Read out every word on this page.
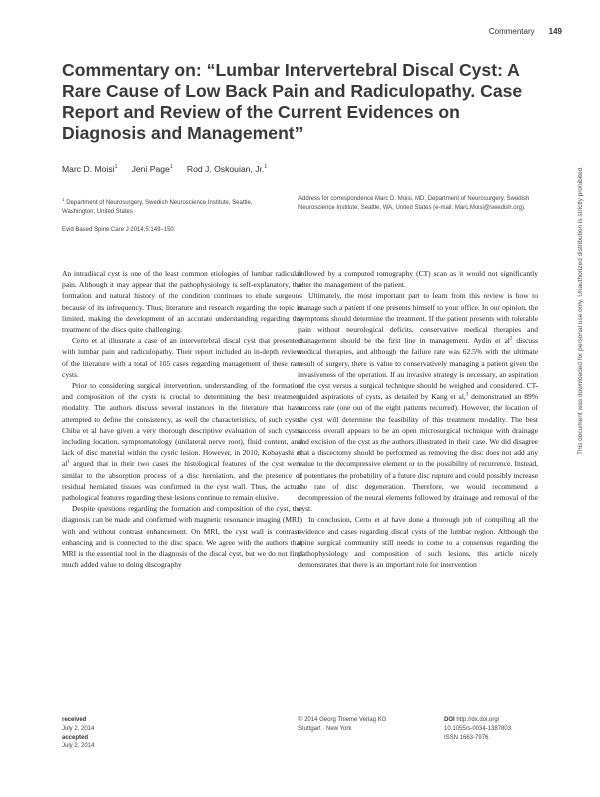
Commentary 149
Commentary on: “Lumbar Intervertebral Discal Cyst: A Rare Cause of Low Back Pain and Radiculopathy. Case Report and Review of the Current Evidences on Diagnosis and Management”
Marc D. Moisi$^1$ Jeni Page$^1$ Rod J. Oskouian, Jr.$^1$
$^1$ Department of Neurosurgery, Swedish Neuroscience Institute, Seattle, Washington, United States
Evid Based Spine Care J 2014;5:149–150.
Address for correspondence Marc D. Moisi, MD, Department of Neurosurgery, Swedish Neuroscience Institute, Seattle, WA, United States (e-mail: Marc.Moisi@swedish.org).

An intradiscal cyst is one of the least common etiologies of lumbar radicular pain. Although it may appear that the pathophysiology is self-explanatory, the formation and natural history of the condition continues to elude surgeons because of its infrequency. Thus, literature and research regarding the topic is limited, making the development of an accurate understanding regarding the treatment of the discs quite challenging.

Certo et al illustrate a case of an intervertebral discal cyst that presented with lumbar pain and radiculopathy. Their report included an in-depth review of the literature with a total of 105 cases regarding management of these rare cysts.

Prior to considering surgical intervention, understanding of the formation and composition of the cysts is crucial to determining the best treatment modality. The authors discuss several instances in the literature that have attempted to define the consistency, as well the characteristics, of such cysts. Chiba et al have given a very thorough descriptive evaluation of such cysts, including location, symptomatology (unilateral nerve root), fluid content, and lack of disc material within the cystic lesion. However, in 2010, Kobayashi et $al^1$ argued that in their two cases the histological features of the cyst were similar to the absorption process of a disc herniation, and the presence of residual herniated tissues was confirmed in the cyst wall. Thus, the actual pathological features regarding these lesions continue to remain elusive.

Despite questions regarding the formation and composition of the cyst, the diagnosis can be made and confirmed with magnetic resonance imaging (MRI) with and without contrast enhancement. On MRI, the cyst wall is contrast-enhancing and is connected to the disc space. We agree with the authors that MRI is the essential tool in the diagnosis of the discal cyst, but we do not find much added value to doing discography

followed by a computed tomography (CT) scan as it would not significantly alter the management of the patient.

Ultimately, the most important part to learn from this review is how to manage such a patient if one presents himself to your office. In our opinion, the symptoms should determine the treatment. If the patient presents with tolerable pain without neurological deficits, conservative medical therapies and management should be the first line in management. Aydin et $al^2$ discuss medical therapies, and although the failure rate was 62.5% with the ultimate result of surgery, there is value to conservatively managing a patient given the invasiveness of the operation. If an invasive strategy is necessary, an aspiration of the cyst versus a surgical technique should be weighed and considered. CT-guided aspirations of cysts, as detailed by Kang et al,$^3$ demonstrated an 89% success rate (one out of the eight patients recurred). However, the location of the cyst will determine the feasibility of this treatment modality. The best success overall appears to be an open microsurgical technique with drainage and excision of the cyst as the authors illustrated in their case. We did disagree that a discectomy should be performed as removing the disc does not add any value to the decompressive element or to the possibility of recurrence. Instead, it potentiates the probability of a future disc rupture and could possibly increase the rate of disc degeneration. Therefore, we would recommend a decompression of the neural elements followed by drainage and removal of the cyst.

In conclusion, Certo et al have done a thorough job of compiling all the evidence and cases regarding discal cysts of the lumbar region. Although the spine surgical community still needs to come to a consensus regarding the pathophysiology and composition of such lesions, this article nicely demonstrates that there is an important role for intervention

received
July 2, 2014
accepted
July 2, 2014
© 2014 Georg Thieme Verlag KG
Stuttgart · New York
DOI http://dx.doi.org/
10.1055/s-0034-1387803.
ISSN 1663-7976.
This document was downloaded for personal use only. Unauthorized distribution is strictly prohibited.
